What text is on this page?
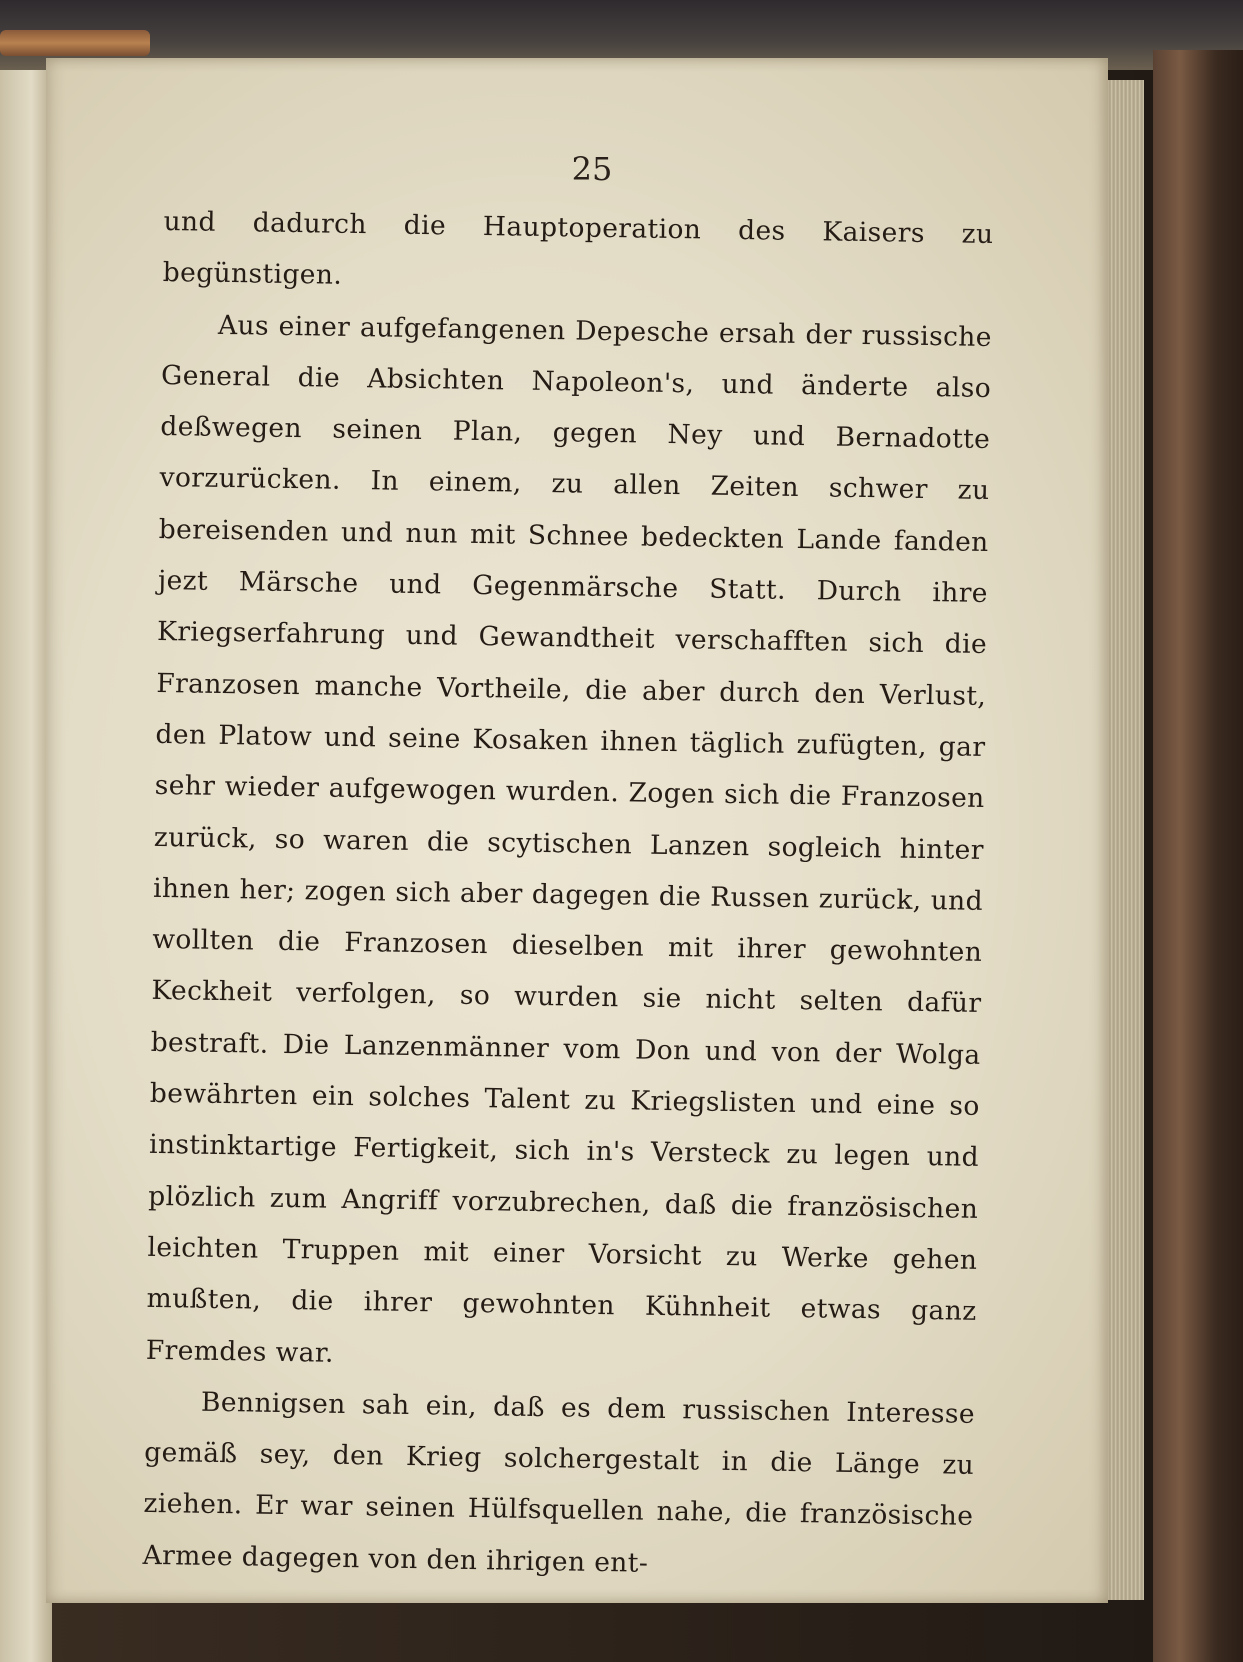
25

und dadurch die Hauptoperation des Kaisers zu begünstigen.

Aus einer aufgefangenen Depesche ersah der russische General die Absichten Napoleon's, und änderte also deßwegen seinen Plan, gegen Ney und Bernadotte vorzurücken. In einem, zu allen Zeiten schwer zu bereisenden und nun mit Schnee bedeckten Lande fanden jezt Märsche und Gegenmärsche Statt. Durch ihre Kriegserfahrung und Gewandtheit verschafften sich die Franzosen manche Vortheile, die aber durch den Verlust, den Platow und seine Kosaken ihnen täglich zufügten, gar sehr wieder aufgewogen wurden. Zogen sich die Franzosen zurück, so waren die scytischen Lanzen sogleich hinter ihnen her; zogen sich aber dagegen die Russen zurück, und wollten die Franzosen dieselben mit ihrer gewohnten Keckheit verfolgen, so wurden sie nicht selten dafür bestraft. Die Lanzenmänner vom Don und von der Wolga bewährten ein solches Talent zu Kriegslisten und eine so instinktartige Fertigkeit, sich in's Versteck zu legen und plözlich zum Angriff vorzubrechen, daß die französischen leichten Truppen mit einer Vorsicht zu Werke gehen mußten, die ihrer gewohnten Kühnheit etwas ganz Fremdes war.

Bennigsen sah ein, daß es dem russischen Interesse gemäß sey, den Krieg solchergestalt in die Länge zu ziehen. Er war seinen Hülfsquellen nahe, die französische Armee dagegen von den ihrigen ent-
